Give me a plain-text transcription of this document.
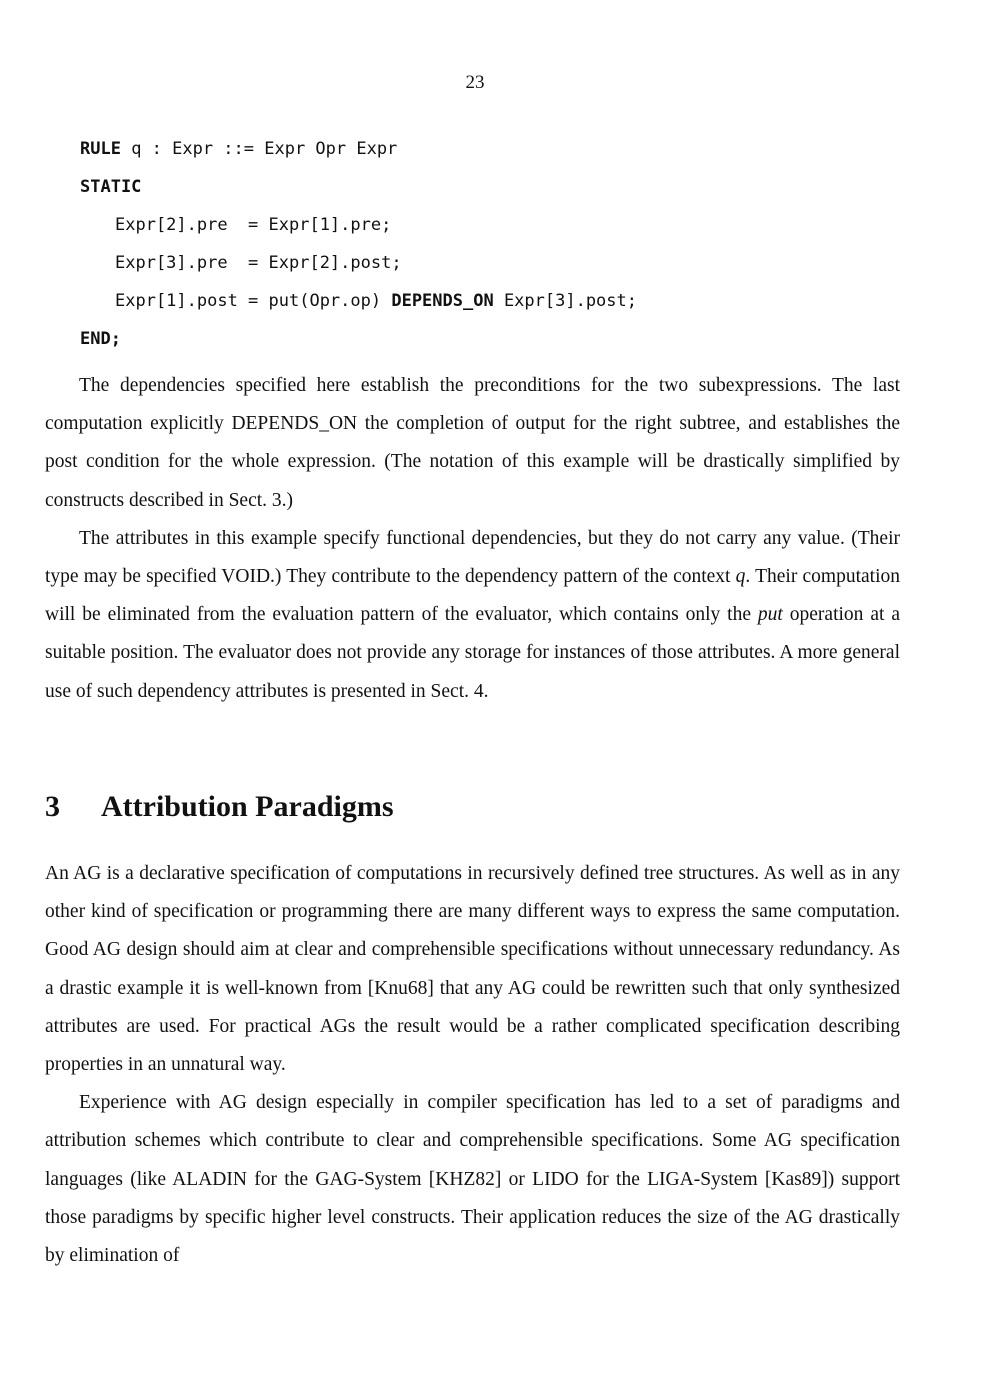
23
RULE q : Expr ::= Expr Opr Expr
STATIC
Expr[2].pre  = Expr[1].pre;
Expr[3].pre  = Expr[2].post;
Expr[1].post = put(Opr.op) DEPENDS_ON Expr[3].post;
END;

The dependencies specified here establish the preconditions for the two subexpressions. The last computation explicitly DEPENDS_ON the completion of output for the right subtree, and establishes the post condition for the whole expression. (The notation of this example will be drastically simplified by constructs described in Sect. 3.)

The attributes in this example specify functional dependencies, but they do not carry any value. (Their type may be specified VOID.) They contribute to the dependency pattern of the context q. Their computation will be eliminated from the evaluation pattern of the evaluator, which contains only the put operation at a suitable position. The evaluator does not provide any storage for instances of those attributes. A more general use of such dependency attributes is presented in Sect. 4.

3 Attribution Paradigms

An AG is a declarative specification of computations in recursively defined tree structures. As well as in any other kind of specification or programming there are many different ways to express the same computation. Good AG design should aim at clear and comprehensible specifications without unnecessary redundancy. As a drastic example it is well-known from [Knu68] that any AG could be rewritten such that only synthesized attributes are used. For practical AGs the result would be a rather complicated specification describing properties in an unnatural way.

Experience with AG design especially in compiler specification has led to a set of paradigms and attribution schemes which contribute to clear and comprehensible specifications. Some AG specification languages (like ALADIN for the GAG-System [KHZ82] or LIDO for the LIGA-System [Kas89]) support those paradigms by specific higher level constructs. Their application reduces the size of the AG drastically by elimination of
